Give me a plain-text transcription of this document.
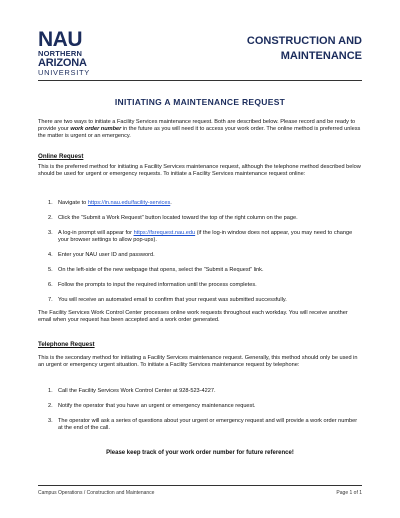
NAU
NORTHERN
ARIZONA
UNIVERSITY
CONSTRUCTION AND
MAINTENANCE
INITIATING A MAINTENANCE REQUEST
There are two ways to initiate a Facility Services maintenance request. Both are described below. Please record and be ready to provide your work order number in the future as you will need it to access your work order. The online method is preferred unless the matter is urgent or an emergency.
Online Request
This is the preferred method for initiating a Facility Services maintenance request, although the telephone method described below should be used for urgent or emergency requests. To initiate a Facility Services maintenance request online:
1. Navigate to https://in.nau.edu/facility-services.
2. Click the “Submit a Work Request” button located toward the top of the right column on the page.
3. A log-in prompt will appear for https://fsrequest.nau.edu (if the log-in window does not appear, you may need to change your browser settings to allow pop-ups).
4. Enter your NAU user ID and password.
5. On the left-side of the new webpage that opens, select the “Submit a Request” link.
6. Follow the prompts to input the required information until the process completes.
7. You will receive an automated email to confirm that your request was submitted successfully.
The Facility Services Work Control Center processes online work requests throughout each workday. You will receive another email when your request has been accepted and a work order generated.
Telephone Request
This is the secondary method for initiating a Facility Services maintenance request. Generally, this method should only be used in an urgent or emergency urgent situation. To initiate a Facility Services maintenance request by telephone:
1. Call the Facility Services Work Control Center at 928-523-4227.
2. Notify the operator that you have an urgent or emergency maintenance request.
3. The operator will ask a series of questions about your urgent or emergency request and will provide a work order number at the end of the call.
Please keep track of your work order number for future reference!
Campus Operations / Construction and Maintenance	Page 1 of 1
